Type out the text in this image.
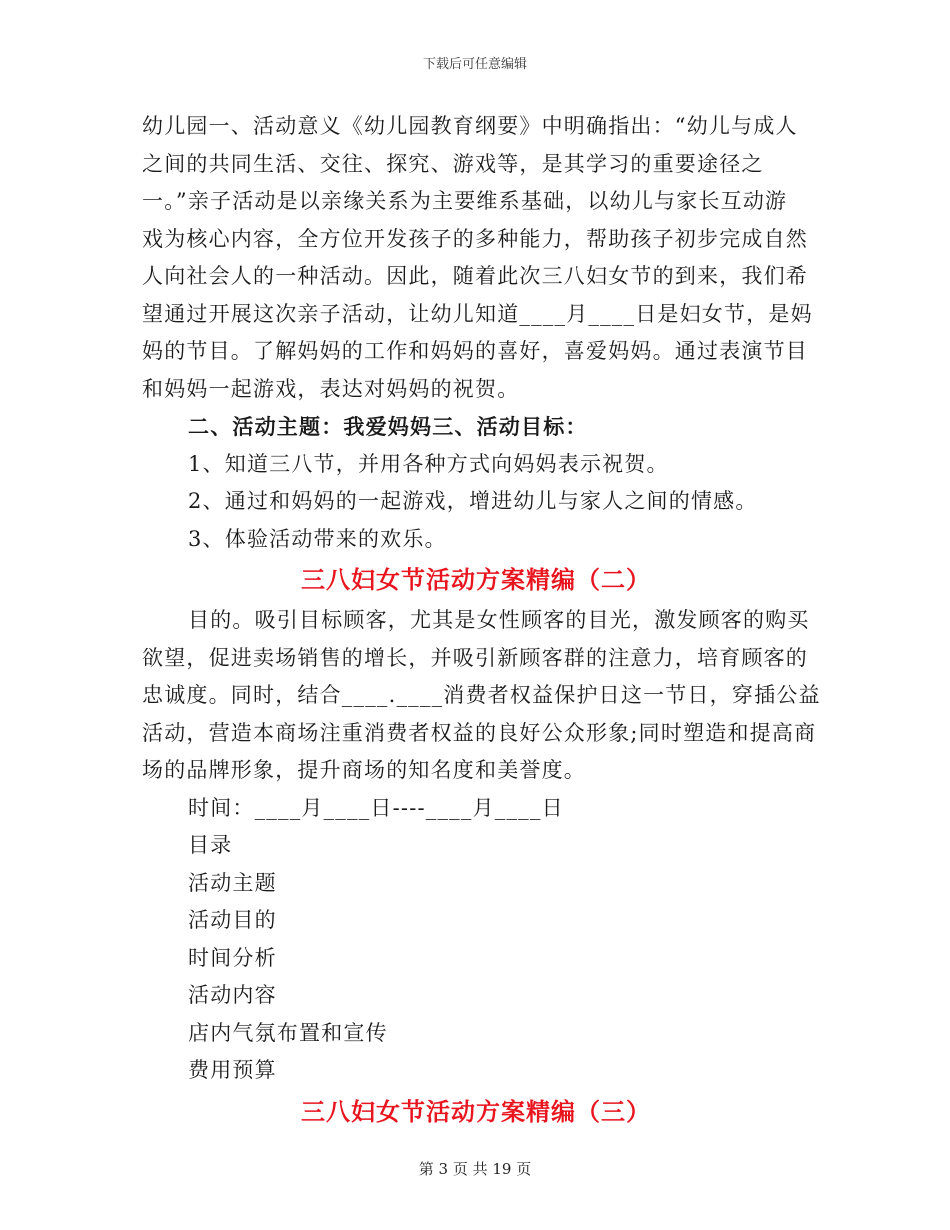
下载后可任意编辑

幼儿园一、活动意义《幼儿园教育纲要》中明确指出：“幼儿与成人

之间的共同生活、交往、探究、游戏等，是其学习的重要途径之

一。”亲子活动是以亲缘关系为主要维系基础，以幼儿与家长互动游

戏为核心内容，全方位开发孩子的多种能力，帮助孩子初步完成自然

人向社会人的一种活动。因此，随着此次三八妇女节的到来，我们希

望通过开展这次亲子活动，让幼儿知道____月____日是妇女节，是妈

妈的节目。了解妈妈的工作和妈妈的喜好，喜爱妈妈。通过表演节目

和妈妈一起游戏，表达对妈妈的祝贺。

二、活动主题：我爱妈妈三、活动目标：

1、知道三八节，并用各种方式向妈妈表示祝贺。

2、通过和妈妈的一起游戏，增进幼儿与家人之间的情感。

3、体验活动带来的欢乐。

三八妇女节活动方案精编（二）

目的。吸引目标顾客，尤其是女性顾客的目光，激发顾客的购买

欲望，促进卖场销售的增长，并吸引新顾客群的注意力，培育顾客的

忠诚度。同时，结合____.____消费者权益保护日这一节日，穿插公益

活动，营造本商场注重消费者权益的良好公众形象;同时塑造和提高商

场的品牌形象，提升商场的知名度和美誉度。

时间：____月____日----____月____日

目录

活动主题

活动目的

时间分析

活动内容

店内气氛布置和宣传

费用预算

三八妇女节活动方案精编（三）
第 3 页 共 19 页
